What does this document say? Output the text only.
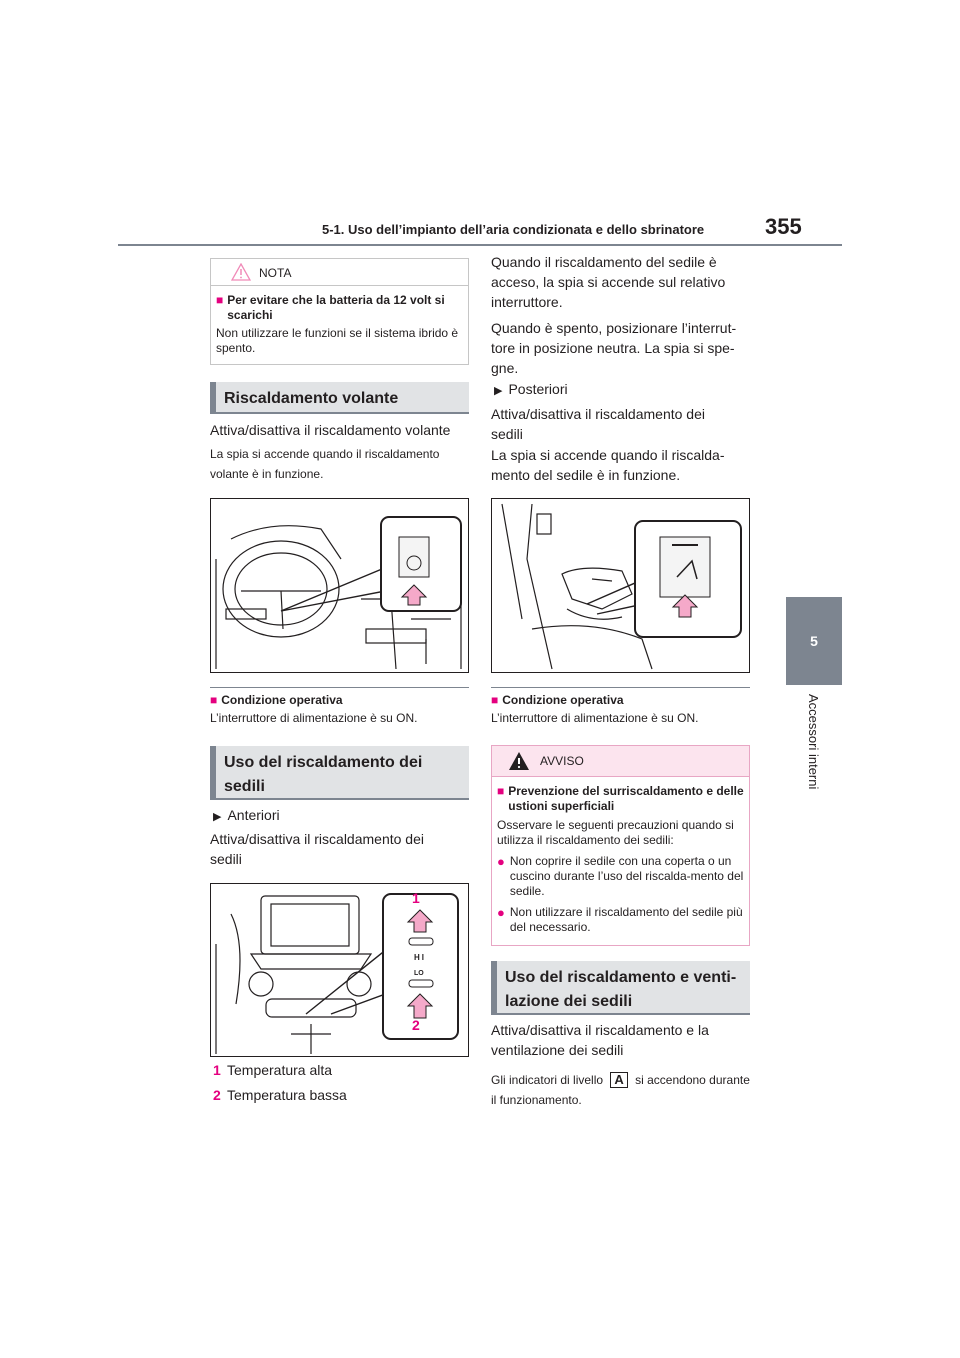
5-1. Uso dell’impianto dell’aria condizionata e dello sbrinatore	355
5
Accessori interni
NOTA
■ Per evitare che la batteria da 12 volt si scarichi
Non utilizzare le funzioni se il sistema ibrido è spento.
Riscaldamento volante
Attiva/disattiva il riscaldamento volante
La spia si accende quando il riscaldamento volante è in funzione.
■ Condizione operativa
L’interruttore di alimentazione è su ON.
Uso del riscaldamento dei sedili
▶ Anteriori
Attiva/disattiva il riscaldamento dei sedili
1
HI
LO
2
1 Temperatura alta
2 Temperatura bassa
Quando il riscaldamento del sedile è acceso, la spia si accende sul relativo interruttore.
Quando è spento, posizionare l’interrut-tore in posizione neutra. La spia si spe-gne.
▶ Posteriori
Attiva/disattiva il riscaldamento dei sedili
La spia si accende quando il riscalda-mento del sedile è in funzione.
■ Condizione operativa
L’interruttore di alimentazione è su ON.
AVVISO
■ Prevenzione del surriscaldamento e delle ustioni superficiali
Osservare le seguenti precauzioni quando si utilizza il riscaldamento dei sedili:
● Non coprire il sedile con una coperta o un cuscino durante l’uso del riscalda-mento del sedile.
● Non utilizzare il riscaldamento del sedile più del necessario.
Uso del riscaldamento e venti-lazione dei sedili
Attiva/disattiva il riscaldamento e la ventilazione dei sedili
Gli indicatori di livello A si accendono durante il funzionamento.
